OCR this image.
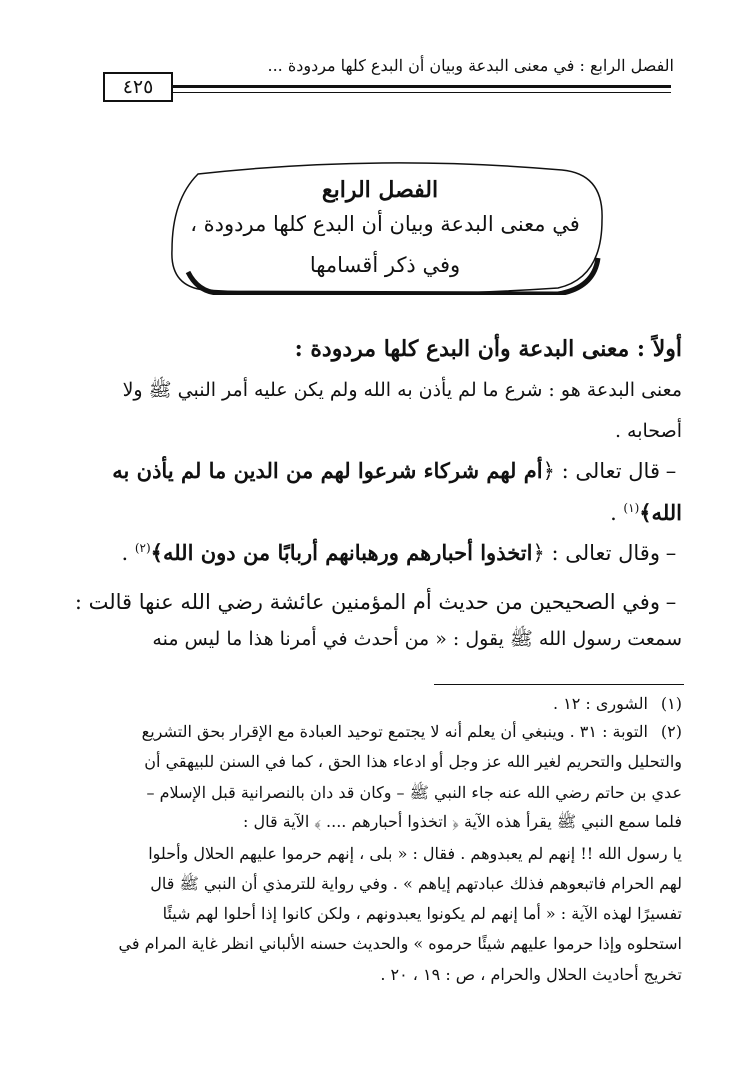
الفصل الرابع : في معنى البدعة وبيان أن البدع كلها مردودة ...
٤٢٥
الفصل الرابع
في معنى البدعة وبيان أن البدع كلها مردودة ،
وفي ذكر أقسامها
أولاً : معنى البدعة وأن البدع كلها مردودة :
معنى البدعة هو : شرع ما لم يأذن به الله ولم يكن عليه أمر النبي ﷺ ولا
أصحابه .
–قال تعالى : ﴿أم لهم شركاء شرعوا لهم من الدين ما لم يأذن به
الله﴾$^{(١)}$ .
–وقال تعالى : ﴿اتخذوا أحبارهم ورهبانهم أربابًا من دون الله﴾$^{(٢)}$ .
–وفي الصحيحين من حديث أم المؤمنين عائشة رضي الله عنها قالت :
سمعت رسول الله ﷺ يقول : « من أحدث في أمرنا هذا ما ليس منه
(١)الشورى : ١٢ .
(٢)التوبة : ٣١ . وينبغي أن يعلم أنه لا يجتمع توحيد العبادة مع الإقرار بحق التشريع
والتحليل والتحريم لغير الله عز وجل أو ادعاء هذا الحق ، كما في السنن للبيهقي أن
عدي بن حاتم رضي الله عنه جاء النبي ﷺ – وكان قد دان بالنصرانية قبل الإسلام –
فلما سمع النبي ﷺ يقرأ هذه الآية ﴿ اتخذوا أحبارهم .... ﴾ الآية قال :
يا رسول الله !! إنهم لم يعبدوهم . فقال : « بلى ، إنهم حرموا عليهم الحلال وأحلوا
لهم الحرام فاتبعوهم فذلك عبادتهم إياهم » . وفي رواية للترمذي أن النبي ﷺ قال
تفسيرًا لهذه الآية : « أما إنهم لم يكونوا يعبدونهم ، ولكن كانوا إذا أحلوا لهم شيئًا
استحلوه وإذا حرموا عليهم شيئًا حرموه » والحديث حسنه الألباني انظر غاية المرام في
تخريج أحاديث الحلال والحرام ، ص : ١٩ ، ٢٠ .
